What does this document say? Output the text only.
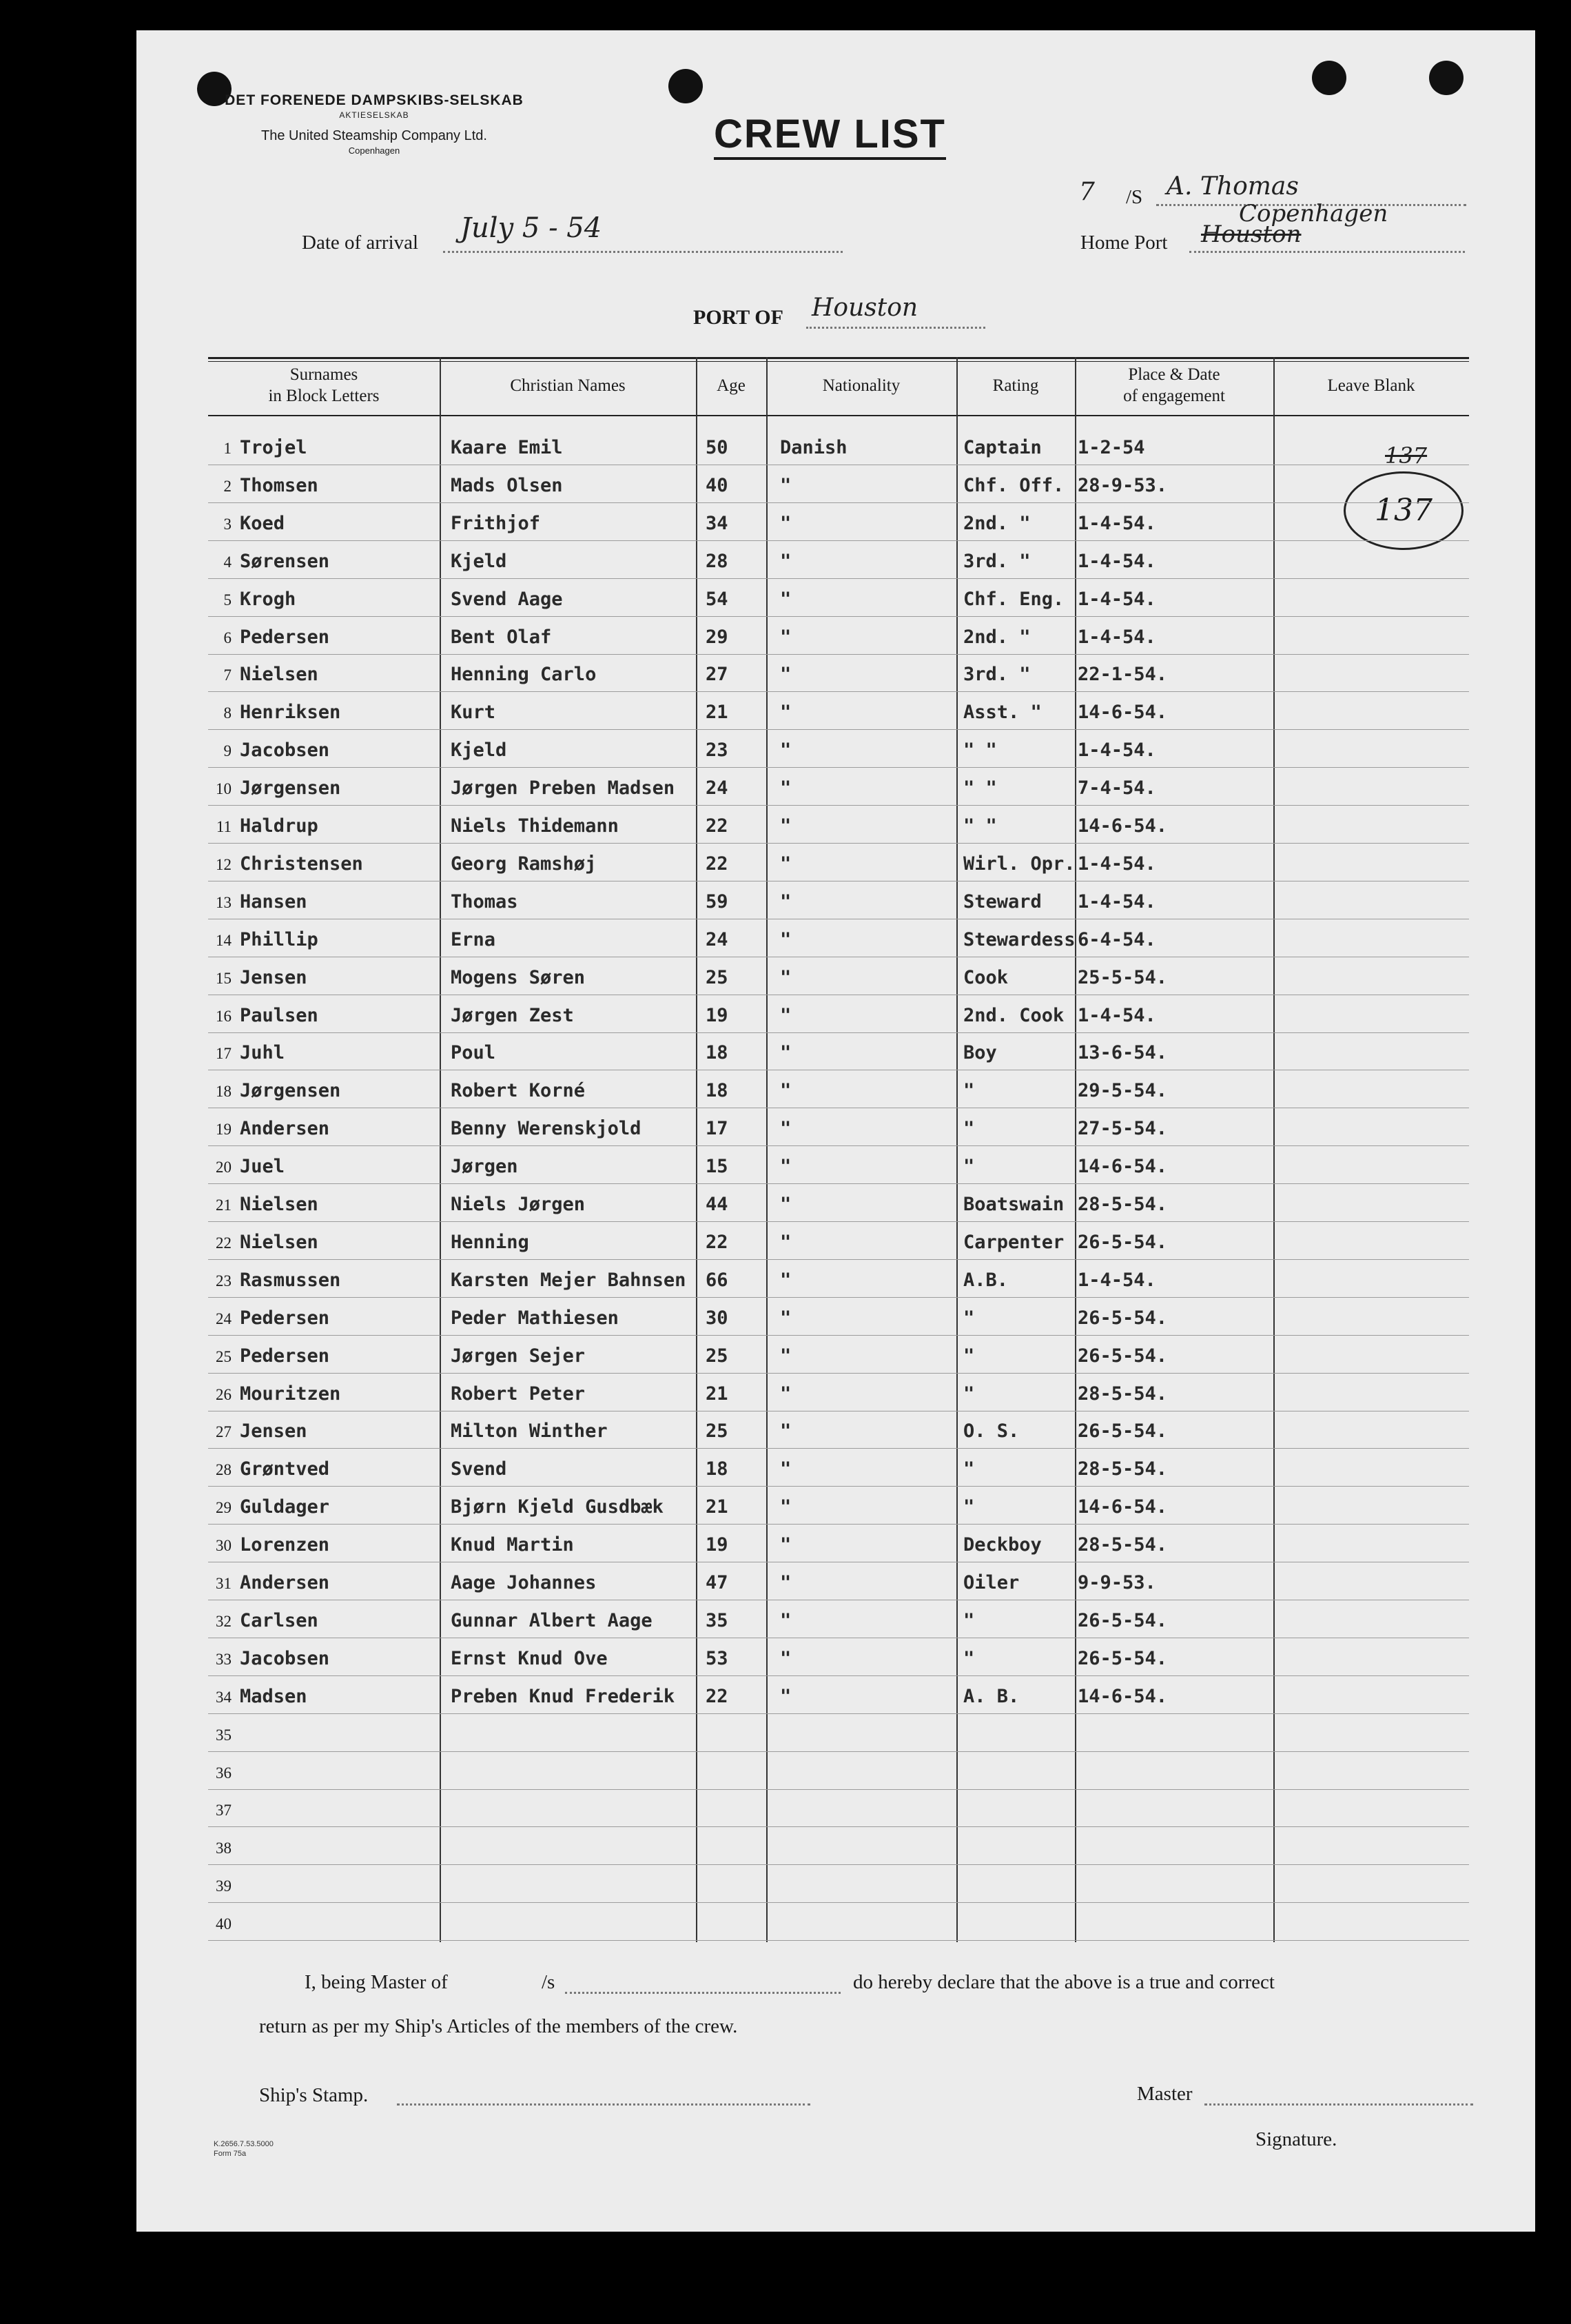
DET FORENEDE DAMPSKIBS-SELSKAB
AKTIESELSKAB
The United Steamship Company Ltd.
Copenhagen	CREW LIST
Date of arrival July 5 - 54
7 /S A. Thomas
Copenhagen
Home Port Houston
PORT OF Houston
137
137
Surnames
in Block Letters
Christian Names	Age	Nationality	Rating
Place & Date
of engagement
Leave Blank
1 Trojel	Kaare Emil	50	Danish	Captain 1-2-54
2 Thomsen	Mads Olsen	40	"	Chf. Off. 28-9-53.
3 Koed	Frithjof	34	"	2nd. "	1-4-54.
4 Sørensen	Kjeld	28	"	3rd. "	1-4-54.
5 Krogh	Svend Aage	54	"	Chf. Eng. 1-4-54.
6 Pedersen	Bent Olaf	29	"	2nd. "	1-4-54.
7 Nielsen	Henning Carlo	27	"	3rd. "	22-1-54.
8 Henriksen	Kurt	21	"	Asst. " 14-6-54.
9 Jacobsen	Kjeld	23	"	" "	1-4-54.
10 Jørgensen	Jørgen Preben Madsen 24	"	" "	7-4-54.
11 Haldrup	Niels Thidemann	22	"	" "	14-6-54.
12 Christensen	Georg Ramshøj	22	"	Wirl. Opr. 1-4-54.
13 Hansen	Thomas	59	"	Steward 1-4-54.
14 Phillip	Erna	24	"	Stewardess 6-4-54.
15 Jensen	Mogens Søren	25	"	Cook	25-5-54.
16 Paulsen	Jørgen Zest	19	"	2nd. Cook 1-4-54.
17 Juhl	Poul	18	"	Boy	13-6-54.
18 Jørgensen	Robert Korné	18	"	"	29-5-54.
19 Andersen	Benny Werenskjold	17	"	"	27-5-54.
20 Juel	Jørgen	15	"	"	14-6-54.
21 Nielsen	Niels Jørgen	44	"	Boatswain 28-5-54.
22 Nielsen	Henning	22	"	Carpenter 26-5-54.
23 Rasmussen	Karsten Mejer Bahnsen 66	"	A.B.	1-4-54.
24 Pedersen	Peder Mathiesen	30	"	"	26-5-54.
25 Pedersen	Jørgen Sejer	25	"	"	26-5-54.
26 Mouritzen	Robert Peter	21	"	"	28-5-54.
27 Jensen	Milton Winther	25	"	O. S.	26-5-54.
28 Grøntved	Svend	18	"	"	28-5-54.
29 Guldager	Bjørn Kjeld Gusdbæk 21	"	"	14-6-54.
30 Lorenzen	Knud Martin	19	"	Deckboy 28-5-54.
31 Andersen	Aage Johannes	47	"	Oiler	9-9-53.
32 Carlsen	Gunnar Albert Aage	35	"	"	26-5-54.
33 Jacobsen	Ernst Knud Ove	53	"	"	26-5-54.
34 Madsen	Preben Knud Frederik 22	"	A. B.	14-6-54.
35
36
37
38
39
40
I, being Master of	/s	do hereby declare that the above is a true and correct
return as per my Ship's Articles of the members of the crew.
Ship's Stamp.	Master
Signature.
K.2656.7.53.5000
Form 75a
